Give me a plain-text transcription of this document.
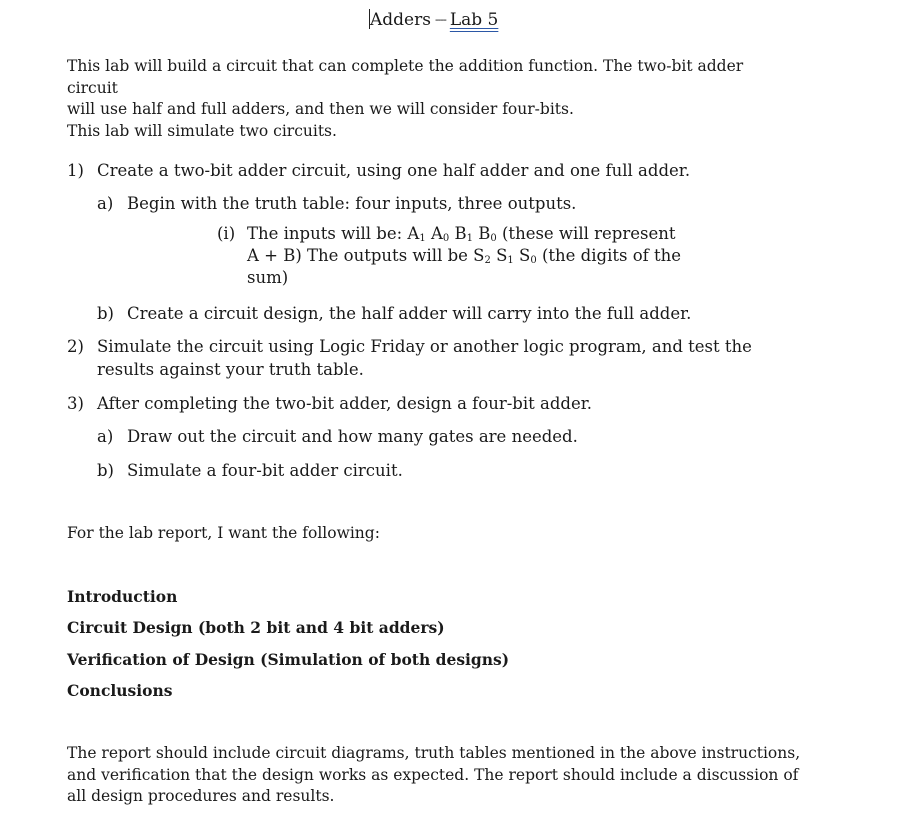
Adders ---- Lab 5
This lab will build a circuit that can complete the addition function. The two-bit adder circuit
will use half and full adders, and then we will consider four-bits.
This lab will simulate two circuits.
1) Create a two-bit adder circuit, using one half adder and one full adder.
a) Begin with the truth table: four inputs, three outputs.
(i) The inputs will be: $A_1$ $A_0$ $B_1$ $B_0$ (these will represent
A + B) The outputs will be $S_2$ $S_1$ $S_0$ (the digits of the
sum)
b) Create a circuit design, the half adder will carry into the full adder.
2) Simulate the circuit using Logic Friday or another logic program, and test the
results against your truth table.
3) After completing the two-bit adder, design a four-bit adder.
a) Draw out the circuit and how many gates are needed.
b) Simulate a four-bit adder circuit.
For the lab report, I want the following:
Introduction
Circuit Design (both 2 bit and 4 bit adders)
Verification of Design (Simulation of both designs)
Conclusions
The report should include circuit diagrams, truth tables mentioned in the above instructions,
and verification that the design works as expected. The report should include a discussion of
all design procedures and results.
